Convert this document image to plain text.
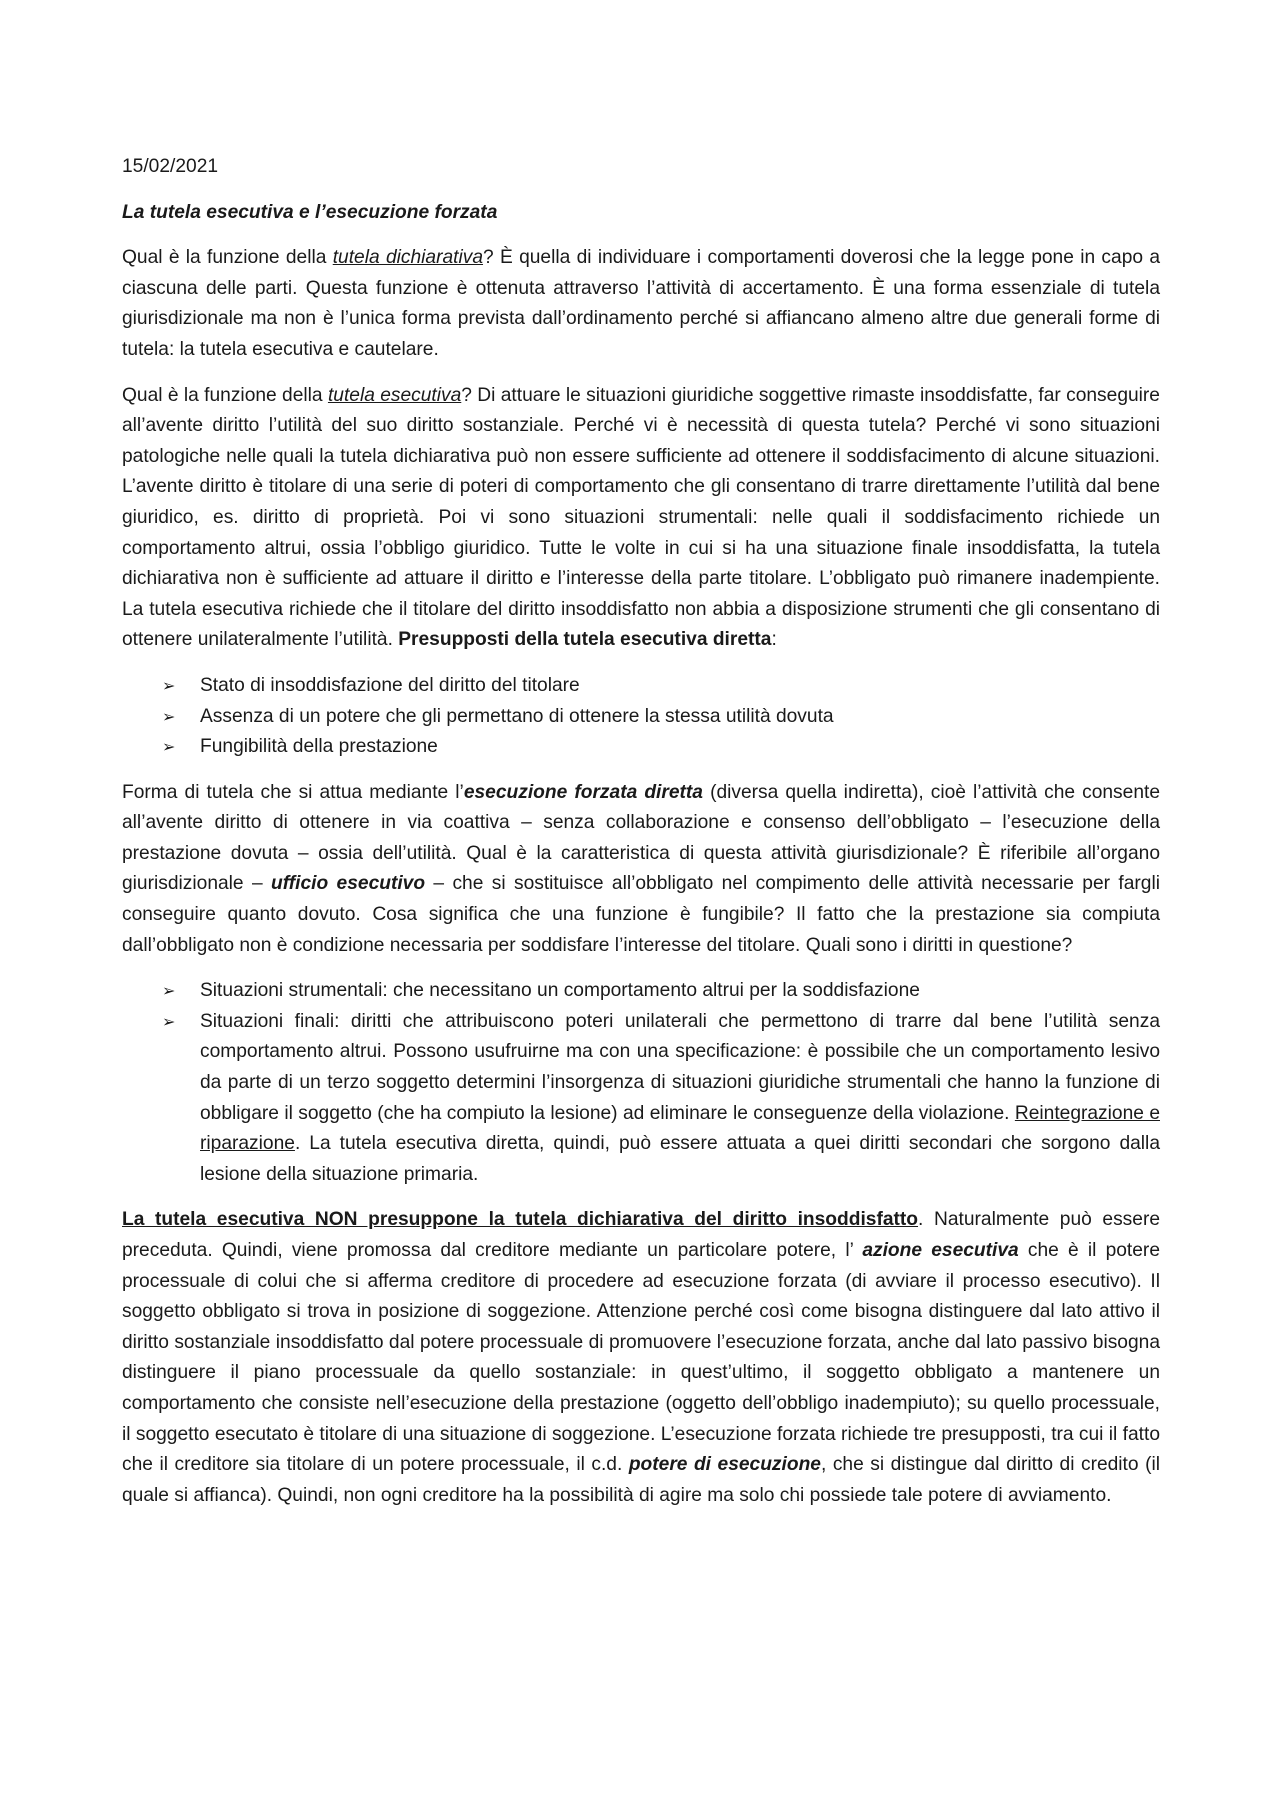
15/02/2021
La tutela esecutiva e l’esecuzione forzata

Qual è la funzione della tutela dichiarativa? È quella di individuare i comportamenti doverosi che la legge pone in capo a ciascuna delle parti. Questa funzione è ottenuta attraverso l’attività di accertamento. È una forma essenziale di tutela giurisdizionale ma non è l’unica forma prevista dall’ordinamento perché si affiancano almeno altre due generali forme di tutela: la tutela esecutiva e cautelare.

Qual è la funzione della tutela esecutiva? Di attuare le situazioni giuridiche soggettive rimaste insoddisfatte, far conseguire all’avente diritto l’utilità del suo diritto sostanziale. Perché vi è necessità di questa tutela? Perché vi sono situazioni patologiche nelle quali la tutela dichiarativa può non essere sufficiente ad ottenere il soddisfacimento di alcune situazioni. L’avente diritto è titolare di una serie di poteri di comportamento che gli consentano di trarre direttamente l’utilità dal bene giuridico, es. diritto di proprietà. Poi vi sono situazioni strumentali: nelle quali il soddisfacimento richiede un comportamento altrui, ossia l’obbligo giuridico. Tutte le volte in cui si ha una situazione finale insoddisfatta, la tutela dichiarativa non è sufficiente ad attuare il diritto e l’interesse della parte titolare. L’obbligato può rimanere inadempiente. La tutela esecutiva richiede che il titolare del diritto insoddisfatto non abbia a disposizione strumenti che gli consentano di ottenere unilateralmente l’utilità. Presupposti della tutela esecutiva diretta:

➢ Stato di insoddisfazione del diritto del titolare
➢ Assenza di un potere che gli permettano di ottenere la stessa utilità dovuta
➢ Fungibilità della prestazione

Forma di tutela che si attua mediante l’esecuzione forzata diretta (diversa quella indiretta), cioè l’attività che consente all’avente diritto di ottenere in via coattiva – senza collaborazione e consenso dell’obbligato – l’esecuzione della prestazione dovuta – ossia dell’utilità. Qual è la caratteristica di questa attività giurisdizionale? È riferibile all’organo giurisdizionale – ufficio esecutivo – che si sostituisce all’obbligato nel compimento delle attività necessarie per fargli conseguire quanto dovuto. Cosa significa che una funzione è fungibile? Il fatto che la prestazione sia compiuta dall’obbligato non è condizione necessaria per soddisfare l’interesse del titolare. Quali sono i diritti in questione?

➢ Situazioni strumentali: che necessitano un comportamento altrui per la soddisfazione
➢ Situazioni finali: diritti che attribuiscono poteri unilaterali che permettono di trarre dal bene l’utilità senza comportamento altrui. Possono usufruirne ma con una specificazione: è possibile che un comportamento lesivo da parte di un terzo soggetto determini l’insorgenza di situazioni giuridiche strumentali che hanno la funzione di obbligare il soggetto (che ha compiuto la lesione) ad eliminare le conseguenze della violazione. Reintegrazione e riparazione. La tutela esecutiva diretta, quindi, può essere attuata a quei diritti secondari che sorgono dalla lesione della situazione primaria.

La tutela esecutiva NON presuppone la tutela dichiarativa del diritto insoddisfatto. Naturalmente può essere preceduta. Quindi, viene promossa dal creditore mediante un particolare potere, l’ azione esecutiva che è il potere processuale di colui che si afferma creditore di procedere ad esecuzione forzata (di avviare il processo esecutivo). Il soggetto obbligato si trova in posizione di soggezione. Attenzione perché così come bisogna distinguere dal lato attivo il diritto sostanziale insoddisfatto dal potere processuale di promuovere l’esecuzione forzata, anche dal lato passivo bisogna distinguere il piano processuale da quello sostanziale: in quest’ultimo, il soggetto obbligato a mantenere un comportamento che consiste nell’esecuzione della prestazione (oggetto dell’obbligo inadempiuto); su quello processuale, il soggetto esecutato è titolare di una situazione di soggezione. L’esecuzione forzata richiede tre presupposti, tra cui il fatto che il creditore sia titolare di un potere processuale, il c.d. potere di esecuzione, che si distingue dal diritto di credito (il quale si affianca). Quindi, non ogni creditore ha la possibilità di agire ma solo chi possiede tale potere di avviamento.
